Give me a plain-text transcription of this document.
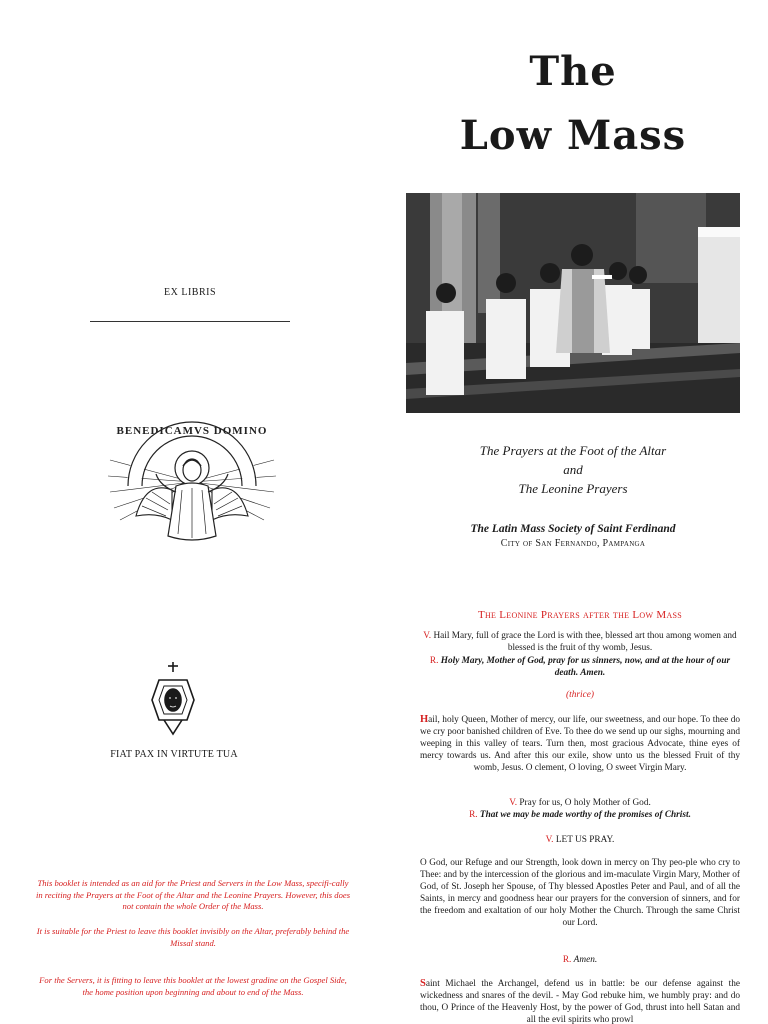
EX LIBRIS
BENEDICAMVS DOMINO
FIAT PAX IN VIRTUTE TUA
This booklet is intended as an aid for the Priest and Servers in the Low Mass, specifi-cally in reciting the Prayers at the Foot of the Altar and the Leonine Prayers. However, this does not contain the whole Order of the Mass.
It is suitable for the Priest to leave this booklet invisibly on the Altar, preferably behind the Missal stand.
For the Servers, it is fitting to leave this booklet at the lowest gradine on the Gospel Side, the home position upon beginning and about to end of the Mass.
The
Low Mass
The Prayers at the Foot of the Altar
and
The Leonine Prayers
The Latin Mass Society of Saint Ferdinand
City of San Fernando, Pampanga
The Leonine Prayers after the Low Mass
V. Hail Mary, full of grace the Lord is with thee, blessed art thou among women and blessed is the fruit of thy womb, Jesus.
R. Holy Mary, Mother of God, pray for us sinners, now, and at the hour of our death. Amen.
(thrice)
Hail, holy Queen, Mother of mercy, our life, our sweetness, and our hope. To thee do we cry poor banished children of Eve. To thee do we send up our sighs, mourning and weeping in this valley of tears. Turn then, most gracious Advocate, thine eyes of mercy towards us. And after this our exile, show unto us the blessed Fruit of thy womb, Jesus. O clement, O loving, O sweet Virgin Mary.
V. Pray for us, O holy Mother of God.
R. That we may be made worthy of the promises of Christ.
V. LET US PRAY.
O God, our Refuge and our Strength, look down in mercy on Thy peo-ple who cry to Thee: and by the intercession of the glorious and im-maculate Virgin Mary, Mother of God, of St. Joseph her Spouse, of Thy blessed Apostles Peter and Paul, and of all the Saints, in mercy and goodness hear our prayers for the conversion of sinners, and for the freedom and exaltation of our holy Mother the Church. Through the same Christ our Lord.
R. Amen.
Saint Michael the Archangel, defend us in battle: be our defense against the wickedness and snares of the devil. - May God rebuke him, we humbly pray: and do thou, O Prince of the Heavenly Host, by the power of God, thrust into hell Satan and all the evil spirits who prowl
